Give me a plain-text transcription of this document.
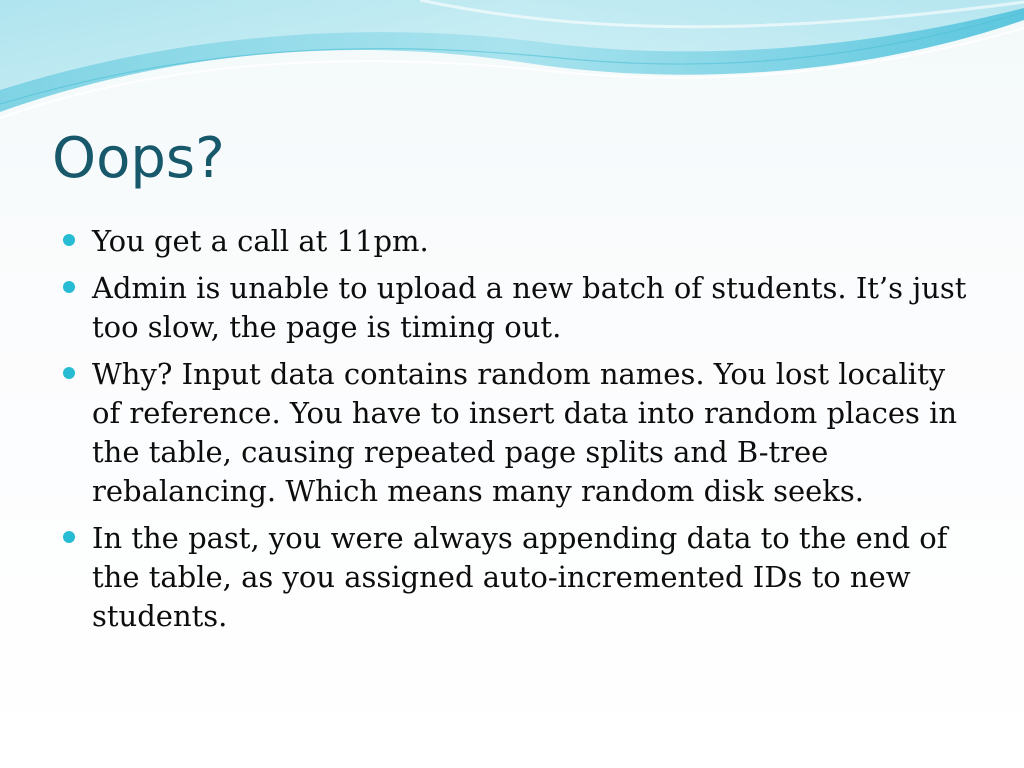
Oops?
You get a call at 11pm.
Admin is unable to upload a new batch of students. It’s just too slow, the page is timing out.
Why? Input data contains random names. You lost locality of reference. You have to insert data into random places in the table, causing repeated page splits and B-tree rebalancing. Which means many random disk seeks.
In the past, you were always appending data to the end of the table, as you assigned auto-incremented IDs to new students.
